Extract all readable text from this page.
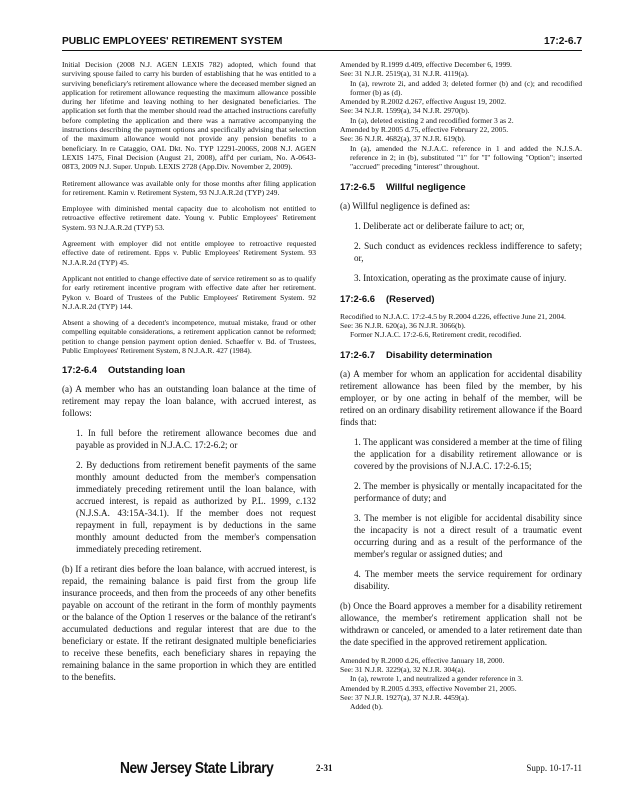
PUBLIC EMPLOYEES' RETIREMENT SYSTEM	17:2-6.7
Initial Decision (2008 N.J. AGEN LEXIS 782) adopted, which found that surviving spouse failed to carry his burden of establishing that he was entitled to a surviving beneficiary's retirement allowance where the deceased member signed an application for retirement allowance requesting the maximum allowance possible during her lifetime and leaving nothing to her designated beneficiaries. The application set forth that the member should read the attached instructions carefully before completing the application and there was a narrative accompanying the instructions describing the payment options and specifically advising that selection of the maximum allowance would not provide any pension benefits to a beneficiary. In re Cataggio, OAL Dkt. No. TYP 12291-2006S, 2008 N.J. AGEN LEXIS 1475, Final Decision (August 21, 2008), aff'd per curiam, No. A-0643-08T3, 2009 N.J. Super. Unpub. LEXIS 2728 (App.Div. November 2, 2009).
Retirement allowance was available only for those months after filing application for retirement. Kamin v. Retirement System, 93 N.J.A.R.2d (TYP) 249.
Employee with diminished mental capacity due to alcoholism not entitled to retroactive effective retirement date. Young v. Public Employees' Retirement System. 93 N.J.A.R.2d (TYP) 53.
Agreement with employer did not entitle employee to retroactive requested effective date of retirement. Epps v. Public Employees' Retirement System. 93 N.J.A.R.2d (TYP) 45.
Applicant not entitled to change effective date of service retirement so as to qualify for early retirement incentive program with effective date after her retirement. Pykon v. Board of Trustees of the Public Employees' Retirement System. 92 N.J.A.R.2d (TYP) 144.
Absent a showing of a decedent's incompetence, mutual mistake, fraud or other compelling equitable considerations, a retirement application cannot be reformed; petition to change pension payment option denied. Schaeffer v. Bd. of Trustees, Public Employees' Retirement System, 8 N.J.A.R. 427 (1984).
17:2-6.4 Outstanding loan
(a) A member who has an outstanding loan balance at the time of retirement may repay the loan balance, with accrued interest, as follows:
1. In full before the retirement allowance becomes due and payable as provided in N.J.A.C. 17:2-6.2; or
2. By deductions from retirement benefit payments of the same monthly amount deducted from the member's compensation immediately preceding retirement until the loan balance, with accrued interest, is repaid as authorized by P.L. 1999, c.132 (N.J.S.A. 43:15A-34.1). If the member does not request repayment in full, repayment is by deductions in the same monthly amount deducted from the member's compensation immediately preceding retirement.
(b) If a retirant dies before the loan balance, with accrued interest, is repaid, the remaining balance is paid first from the group life insurance proceeds, and then from the proceeds of any other benefits payable on account of the retirant in the form of monthly payments or the balance of the Option 1 reserves or the balance of the retirant's accumulated deductions and regular interest that are due to the beneficiary or estate. If the retirant designated multiple beneficiaries to receive these benefits, each beneficiary shares in repaying the remaining balance in the same proportion in which they are entitled to the benefits.

Amended by R.1999 d.409, effective December 6, 1999.

See: 31 N.J.R. 2519(a), 31 N.J.R. 4119(a).

In (a), rewrote 2i, and added 3; deleted former (b) and (c); and recodified former (b) as (d).

Amended by R.2002 d.267, effective August 19, 2002.

See: 34 N.J.R. 1599(a), 34 N.J.R. 2970(b).

In (a), deleted existing 2 and recodified former 3 as 2.

Amended by R.2005 d.75, effective February 22, 2005.

See: 36 N.J.R. 4682(a), 37 N.J.R. 619(b).

In (a), amended the N.J.A.C. reference in 1 and added the N.J.S.A. reference in 2; in (b), substituted "1" for "I" following "Option"; inserted "accrued" preceding "interest" throughout.

17:2-6.5 Willful negligence
(a) Willful negligence is defined as:
1. Deliberate act or deliberate failure to act; or,
2. Such conduct as evidences reckless indifference to safety; or,
3. Intoxication, operating as the proximate cause of injury.
17:2-6.6 (Reserved)

Recodified to N.J.A.C. 17:2-4.5 by R.2004 d.226, effective June 21, 2004.

See: 36 N.J.R. 620(a), 36 N.J.R. 3066(b).

Former N.J.A.C. 17:2-6.6, Retirement credit, recodified.

17:2-6.7 Disability determination
(a) A member for whom an application for accidental disability retirement allowance has been filed by the member, by his employer, or by one acting in behalf of the member, will be retired on an ordinary disability retirement allowance if the Board finds that:
1. The applicant was considered a member at the time of filing the application for a disability retirement allowance or is covered by the provisions of N.J.A.C. 17:2-6.15;
2. The member is physically or mentally incapacitated for the performance of duty; and
3. The member is not eligible for accidental disability since the incapacity is not a direct result of a traumatic event occurring during and as a result of the performance of the member's regular or assigned duties; and
4. The member meets the service requirement for ordinary disability.
(b) Once the Board approves a member for a disability retirement allowance, the member's retirement application shall not be withdrawn or canceled, or amended to a later retirement date than the date specified in the approved retirement application.

Amended by R.2000 d.26, effective January 18, 2000.

See: 31 N.J.R. 3229(a), 32 N.J.R. 304(a).

In (a), rewrote 1, and neutralized a gender reference in 3.

Amended by R.2005 d.393, effective November 21, 2005.

See: 37 N.J.R. 1927(a), 37 N.J.R. 4459(a).

Added (b).

New Jersey State Library	2-31	Supp. 10-17-11
